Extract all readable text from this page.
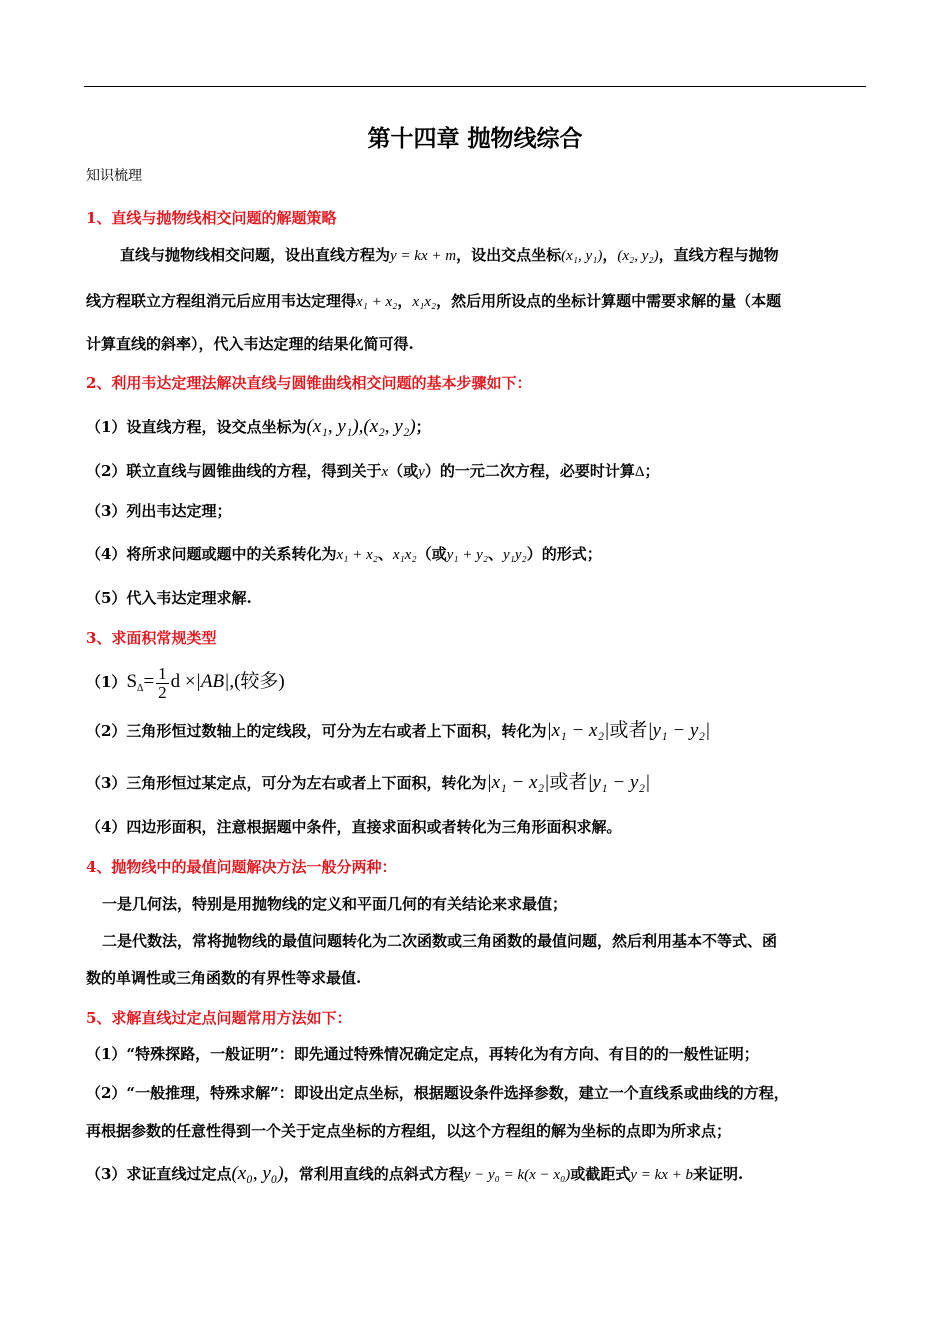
第十四章 抛物线综合
知识梳理
1、直线与抛物线相交问题的解题策略
直线与抛物线相交问题，设出直线方程为y = kx + m，设出交点坐标(x₁, y₁)，(x₂, y₂)，直线方程与抛物
线方程联立方程组消元后应用韦达定理得x₁ + x₂，x₁x₂，然后用所设点的坐标计算题中需要求解的量（本题
计算直线的斜率），代入韦达定理的结果化简可得.
2、利用韦达定理法解决直线与圆锥曲线相交问题的基本步骤如下：
（1）设直线方程，设交点坐标为(x₁, y₁),(x₂, y₂)；
（2）联立直线与圆锥曲线的方程，得到关于x（或y）的一元二次方程，必要时计算Δ；
（3）列出韦达定理；
（4）将所求问题或题中的关系转化为x₁ + x₂、x₁x₂（或y₁ + y₂、y₁y₂）的形式；
（5）代入韦达定理求解.
3、求面积常规类型
$(1)S_\Delta= \frac{1}{2}$ d ×|AB|,(较多)
（2）三角形恒过数轴上的定线段，可分为左右或者上下面积，转化为|x₁ − x₂|或者|y₁ − y₂|
（3）三角形恒过某定点，可分为左右或者上下面积，转化为|x₁ − x₂|或者|y₁ − y₂|
（4）四边形面积，注意根据题中条件，直接求面积或者转化为三角形面积求解。
4、抛物线中的最值问题解决方法一般分两种：
一是几何法，特别是用抛物线的定义和平面几何的有关结论来求最值；
二是代数法，常将抛物线的最值问题转化为二次函数或三角函数的最值问题，然后利用基本不等式、函
数的单调性或三角函数的有界性等求最值.
5、求解直线过定点问题常用方法如下：
（1）“特殊探路，一般证明”：即先通过特殊情况确定定点，再转化为有方向、有目的的一般性证明；
（2）“一般推理，特殊求解”：即设出定点坐标，根据题设条件选择参数，建立一个直线系或曲线的方程，
再根据参数的任意性得到一个关于定点坐标的方程组，以这个方程组的解为坐标的点即为所求点；
（3）求证直线过定点(x₀, y₀)，常利用直线的点斜式方程y − y₀ = k(x − x₀)或截距式y = kx + b来证明.
